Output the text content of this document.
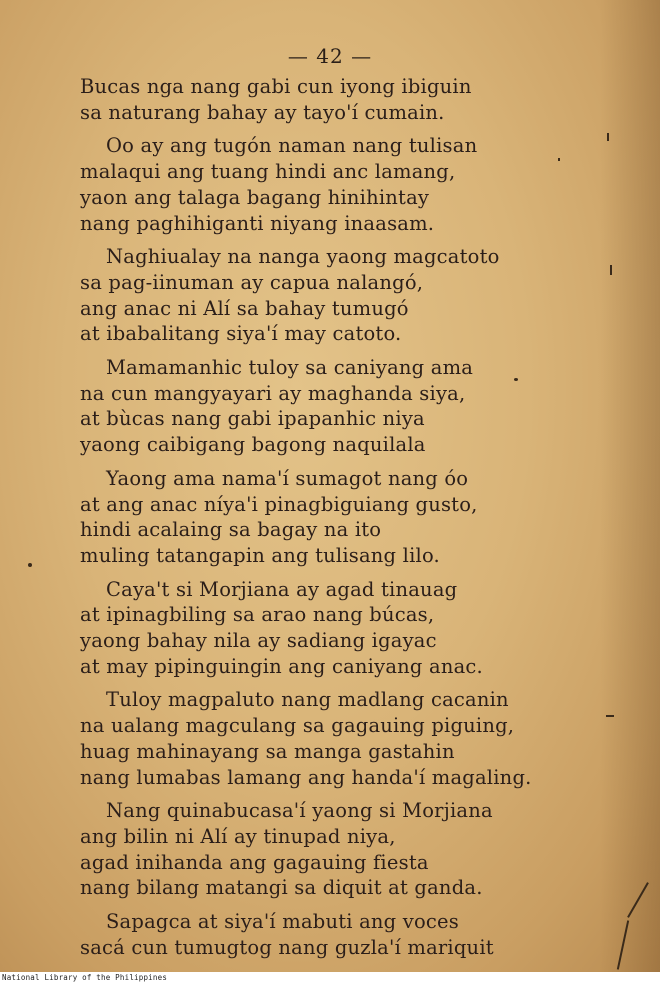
— 42 —
Bucas nga nang gabi cun iyong ibiguin
sa naturang bahay ay tayo'í cumain.
Oo ay ang tugón naman nang tulisan
malaqui ang tuang hindi anc lamang,
yaon ang talaga bagang hinihintay
nang paghihiganti niyang inaasam.
Naghiualay na nanga yaong magcatoto
sa pag-iinuman ay capua nalangó,
ang anac ni Alí sa bahay tumugó
at ibabalitang siya'í may catoto.
Mamamanhic tuloy sa caniyang ama
na cun mangyayari ay maghanda siya,
at bùcas nang gabi ipapanhic niya
yaong caibigang bagong naquilala
Yaong ama nama'í sumagot nang óo
at ang anac níya'i pinagbiguiang gusto,
hindi acalaing sa bagay na ito
muling tatangapin ang tulisang lilo.
Caya't si Morjiana ay agad tinauag
at ipinagbiling sa arao nang búcas,
yaong bahay nila ay sadiang igayac
at may pipinguingin ang caniyang anac.
Tuloy magpaluto nang madlang cacanin
na ualang magculang sa gagauing piguing,
huag mahinayang sa manga gastahin
nang lumabas lamang ang handa'í magaling.
Nang quinabucasa'í yaong si Morjiana
ang bilin ni Alí ay tinupad niya,
agad inihanda ang gagauing fiesta
nang bilang matangi sa diquit at ganda.
Sapagca at siya'í mabuti ang voces
sacá cun tumugtog nang guzla'í mariquit
National Library of the Philippines
